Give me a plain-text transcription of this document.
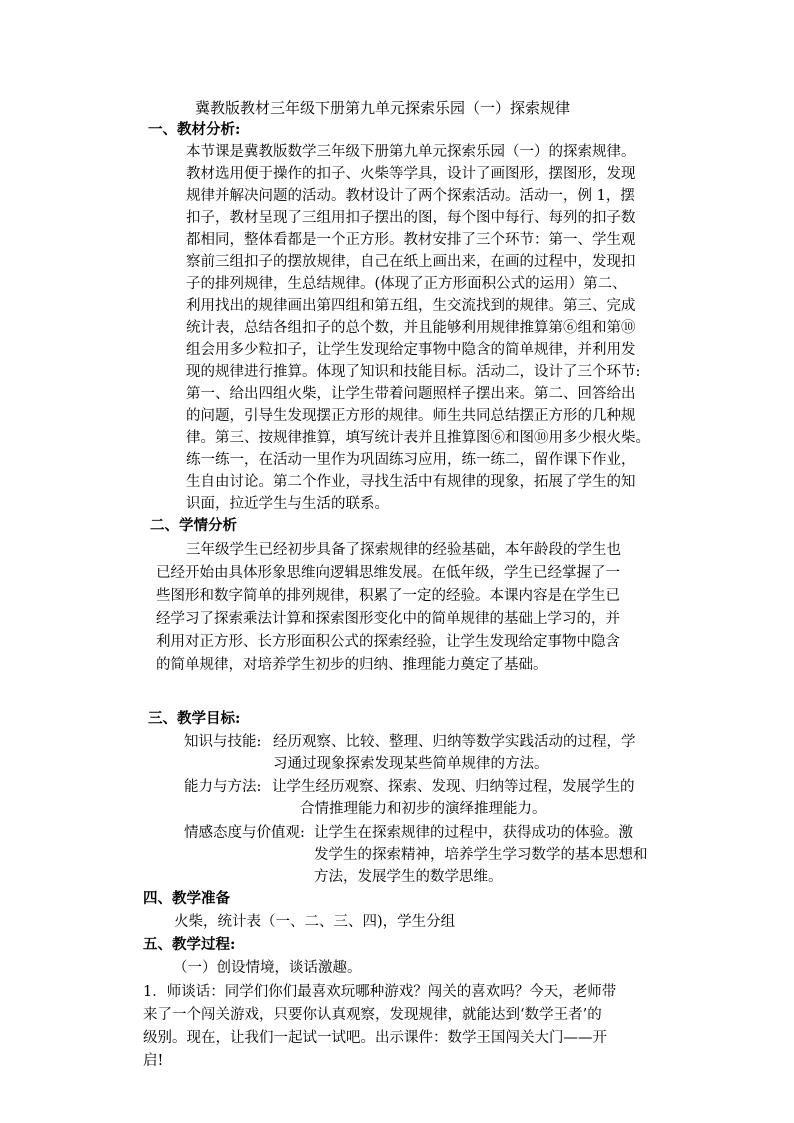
冀教版教材三年级下册第九单元探索乐园（一）探索规律
一、教材分析:
本节课是冀教版数学三年级下册第九单元探索乐园（一）的探索规律。
教材选用便于操作的扣子、火柴等学具，设计了画图形，摆图形，发现
规律并解决问题的活动。教材设计了两个探索活动。活动一，例 1，摆
扣子，教材呈现了三组用扣子摆出的图，每个图中每行、每列的扣子数
都相同，整体看都是一个正方形。教材安排了三个环节：第一、学生观
察前三组扣子的摆放规律，自己在纸上画出来，在画的过程中，发现扣
子的排列规律，生总结规律。(体现了正方形面积公式的运用）第二、
利用找出的规律画出第四组和第五组，生交流找到的规律。第三、完成
统计表，总结各组扣子的总个数，并且能够利用规律推算第⑥组和第⑩
组会用多少粒扣子，让学生发现给定事物中隐含的简单规律，并利用发
现的规律进行推算。体现了知识和技能目标。活动二，设计了三个环节:
第一、给出四组火柴，让学生带着问题照样子摆出来。第二、回答给出
的问题，引导生发现摆正方形的规律。师生共同总结摆正方形的几种规
律。第三、按规律推算，填写统计表并且推算图⑥和图⑩用多少根火柴。
练一练一，在活动一里作为巩固练习应用，练一练二，留作课下作业，
生自由讨论。第二个作业，寻找生活中有规律的现象，拓展了学生的知
识面，拉近学生与生活的联系。
二、学情分析
三年级学生已经初步具备了探索规律的经验基础，本年龄段的学生也
已经开始由具体形象思维向逻辑思维发展。在低年级，学生已经掌握了一
些图形和数字简单的排列规律，积累了一定的经验。本课内容是在学生已
经学习了探索乘法计算和探索图形变化中的简单规律的基础上学习的，并
利用对正方形、长方形面积公式的探索经验，让学生发现给定事物中隐含
的简单规律，对培养学生初步的归纳、推理能力奠定了基础。
三、教学目标:
知识与技能: 经历观察、比较、整理、归纳等数学实践活动的过程，学
习通过现象探索发现某些简单规律的方法。
能力与方法: 让学生经历观察、探索、发现、归纳等过程，发展学生的
合情推理能力和初步的演绎推理能力。
情感态度与价值观: 让学生在探索规律的过程中，获得成功的体验。激
发学生的探索精神，培养学生学习数学的基本思想和
方法，发展学生的数学思维。
四、教学准备
火柴，统计表（一、二、三、四)，学生分组
五、教学过程:
（一）创设情境，谈话激趣。
1．师谈话：同学们你们最喜欢玩哪种游戏？闯关的喜欢吗？今天，老师带
来了一个闯关游戏，只要你认真观察，发现规律，就能达到‘数学王者’的
级别。现在，让我们一起试一试吧。出示课件：数学王国闯关大门——开
启!
